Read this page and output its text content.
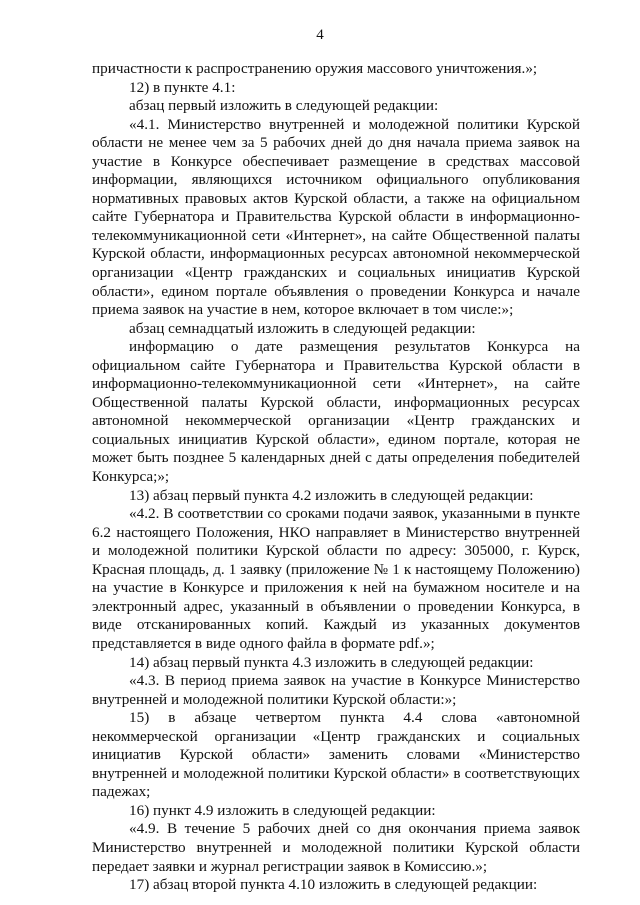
4

причастности к распространению оружия массового уничтожения.»;

12) в пункте 4.1:

абзац первый изложить в следующей редакции:

«4.1. Министерство внутренней и молодежной политики Курской области не менее чем за 5 рабочих дней до дня начала приема заявок на участие в Конкурсе обеспечивает размещение в средствах массовой информации, являющихся источником официального опубликования нормативных правовых актов Курской области, а также на официальном сайте Губернатора и Правительства Курской области в информационно-телекоммуникационной сети «Интернет», на сайте Общественной палаты Курской области, информационных ресурсах автономной некоммерческой организации «Центр гражданских и социальных инициатив Курской области», едином портале объявления о проведении Конкурса и начале приема заявок на участие в нем, которое включает в том числе:»;

абзац семнадцатый изложить в следующей редакции:

информацию о дате размещения результатов Конкурса на официальном сайте Губернатора и Правительства Курской области в информационно-телекоммуникационной сети «Интернет», на сайте Общественной палаты Курской области, информационных ресурсах автономной некоммерческой организации «Центр гражданских и социальных инициатив Курской области», едином портале, которая не может быть позднее 5 календарных дней с даты определения победителей Конкурса;»;

13) абзац первый пункта 4.2 изложить в следующей редакции:

«4.2. В соответствии со сроками подачи заявок, указанными в пункте 6.2 настоящего Положения, НКО направляет в Министерство внутренней и молодежной политики Курской области по адресу: 305000, г. Курск, Красная площадь, д. 1 заявку (приложение № 1 к настоящему Положению) на участие в Конкурсе и приложения к ней на бумажном носителе и на электронный адрес, указанный в объявлении о проведении Конкурса, в виде отсканированных копий. Каждый из указанных документов представляется в виде одного файла в формате pdf.»;

14) абзац первый пункта 4.3 изложить в следующей редакции:

«4.3. В период приема заявок на участие в Конкурсе Министерство внутренней и молодежной политики Курской области:»;

15) в абзаце четвертом пункта 4.4 слова «автономной некоммерческой организации «Центр гражданских и социальных инициатив Курской области» заменить словами «Министерство внутренней и молодежной политики Курской области» в соответствующих падежах;

16) пункт 4.9 изложить в следующей редакции:

«4.9. В течение 5 рабочих дней со дня окончания приема заявок Министерство внутренней и молодежной политики Курской области передает заявки и журнал регистрации заявок в Комиссию.»;

17) абзац второй пункта 4.10 изложить в следующей редакции:
